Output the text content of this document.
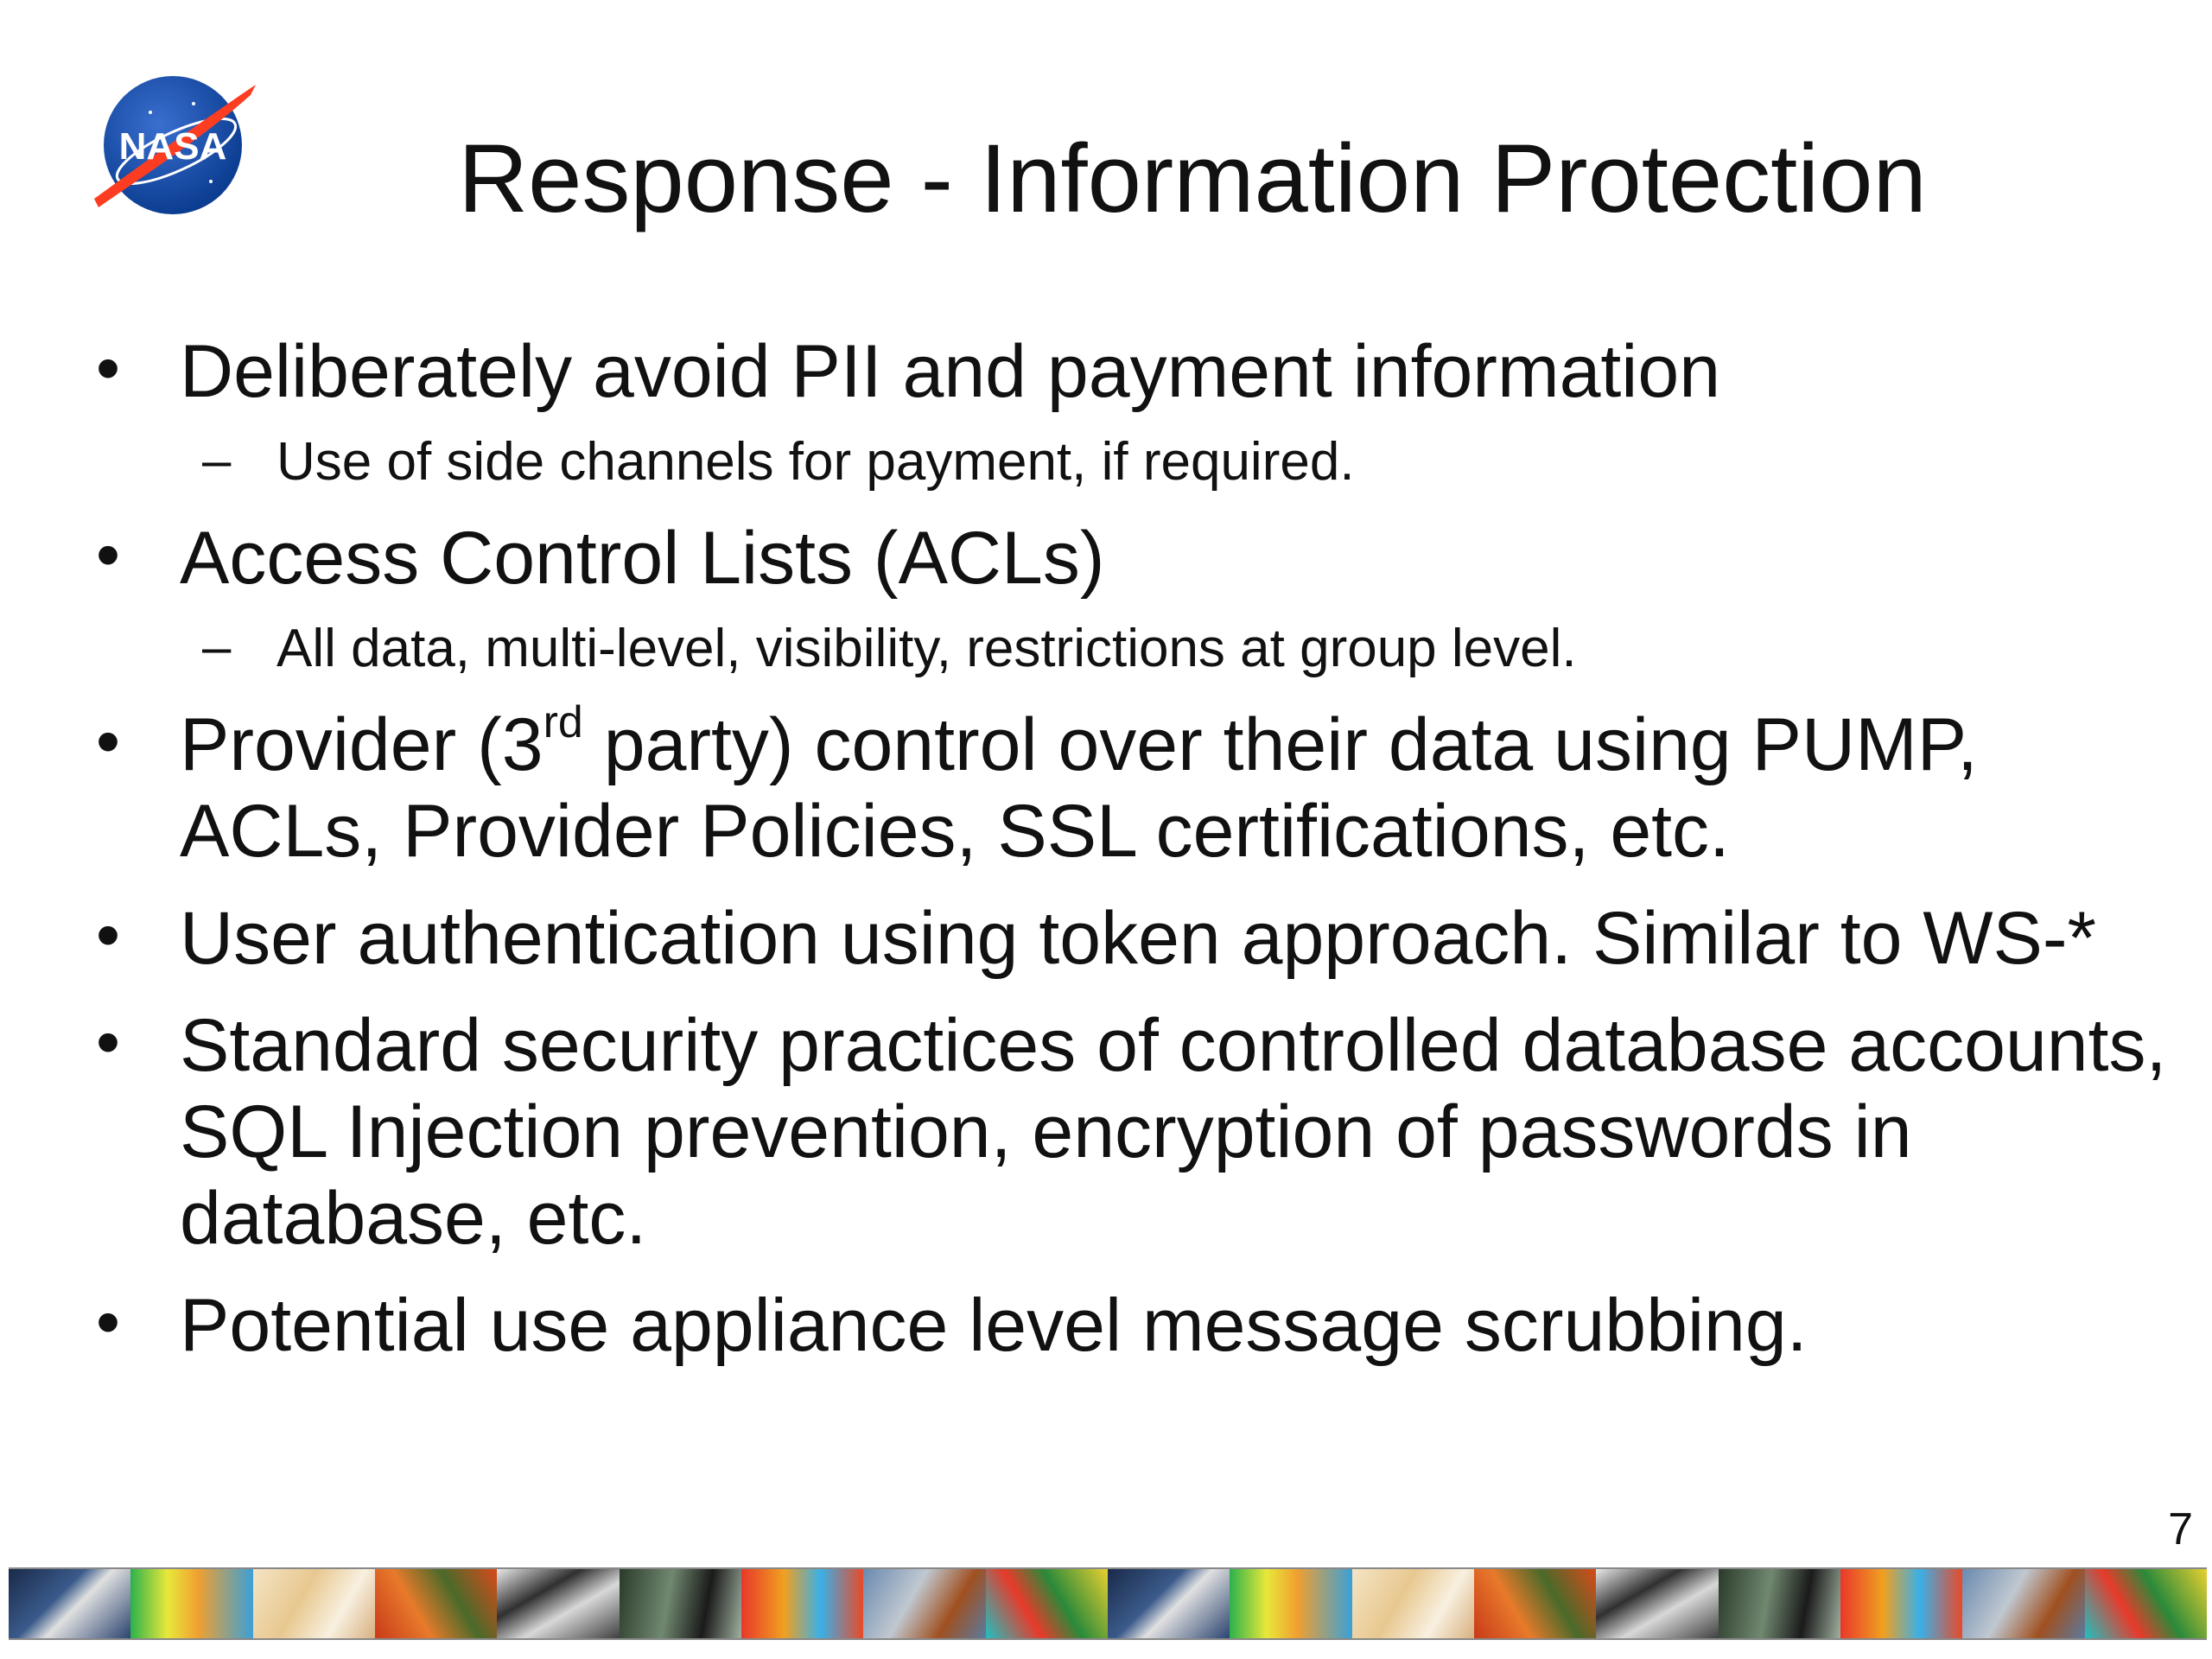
NASA	Response - Information Protection
• Deliberately avoid PII and payment information
– Use of side channels for payment, if required.
• Access Control Lists (ACLs)
– All data, multi-level, visibility, restrictions at group level.
• Provider (3rd party) control over their data using PUMP,
ACLs, Provider Policies, SSL certifications, etc.
• User authentication using token approach. Similar to WS-*
• Standard security practices of controlled database accounts,
SQL Injection prevention, encryption of passwords in
database, etc.
• Potential use appliance level message scrubbing.
7
